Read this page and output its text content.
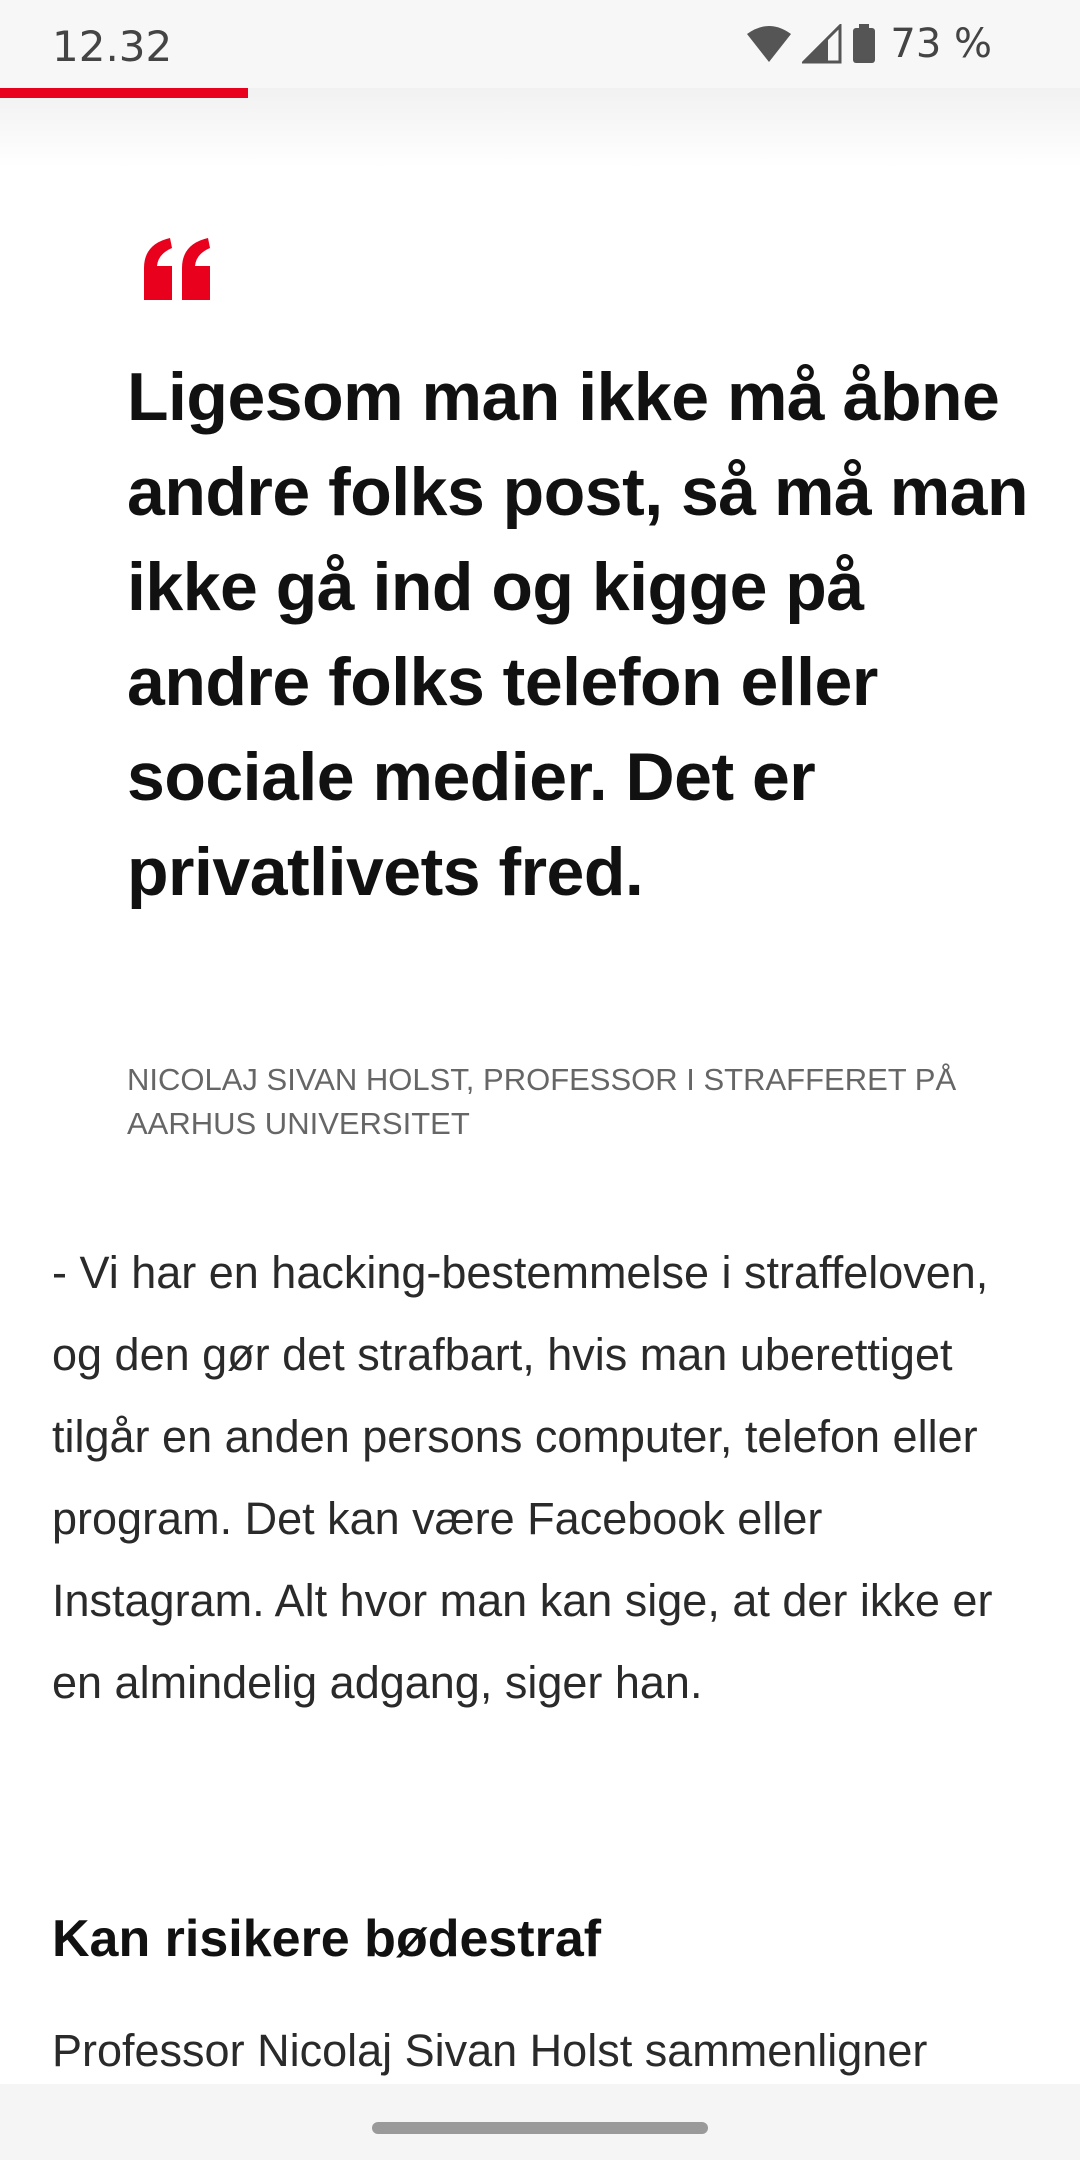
12.32	73 %

Ligesom man ikke må åbne andre folks post, så må man ikke gå ind og kigge på andre folks telefon eller sociale medier. Det er privatlivets fred.

NICOLAJ SIVAN HOLST, PROFESSOR I STRAFFERET PÅ AARHUS UNIVERSITET

- Vi har en hacking-bestemmelse i straffeloven, og den gør det strafbart, hvis man uberettiget tilgår en anden persons computer, telefon eller program. Det kan være Facebook eller Instagram. Alt hvor man kan sige, at der ikke er en almindelig adgang, siger han.

Kan risikere bødestraf

Professor Nicolaj Sivan Holst sammenligner
